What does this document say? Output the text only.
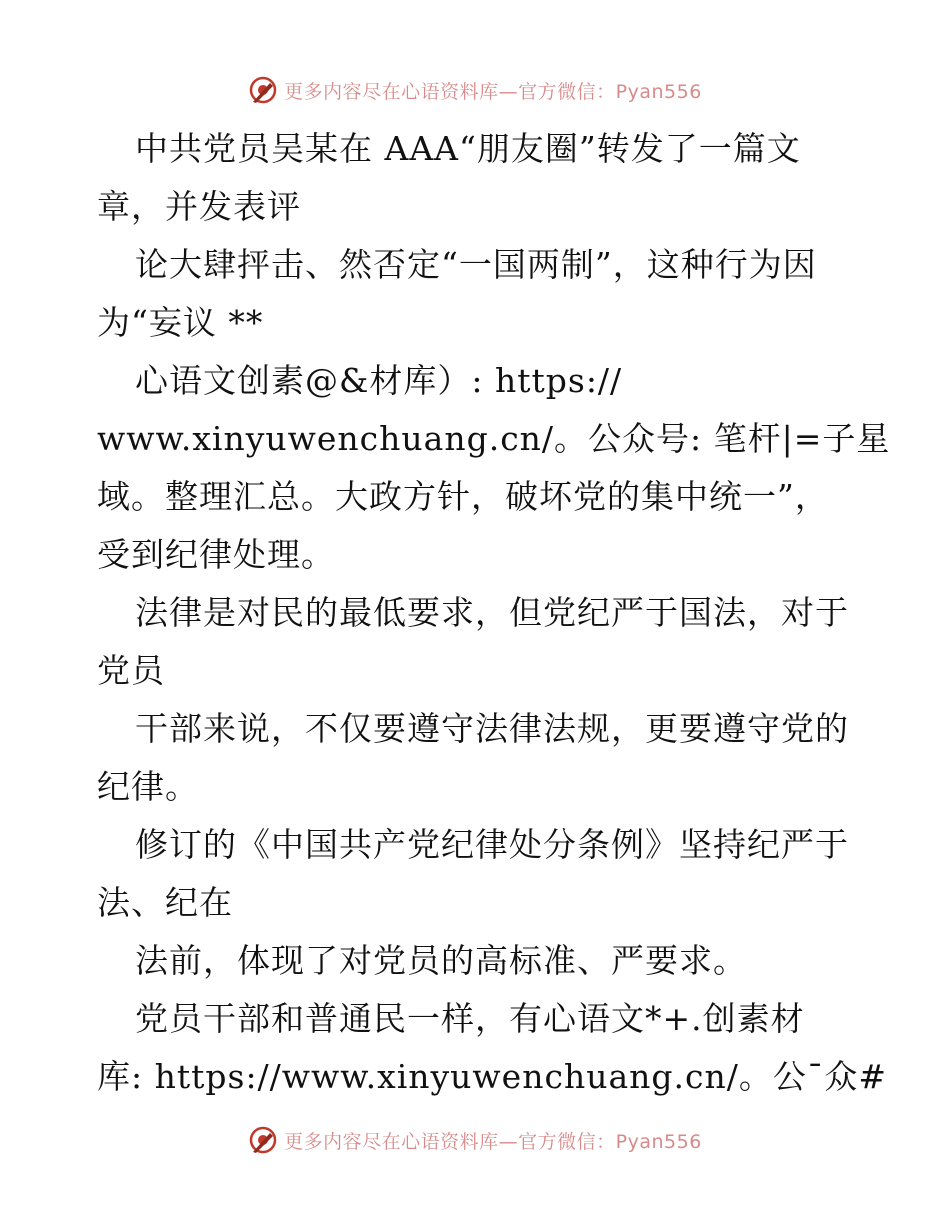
更多内容尽在心语资料库—官方微信：Pyan556
中共党员吴某在 AAA“朋友圈”转发了一篇文
章，并发表评
论大肆抨击、然否定“一国两制”，这种行为因
为“妄议 **
心语文创素@&材库）: https://
www.xinyuwenchuang.cn/。公众号: 笔杆|=子星
域。整理汇总。大政方针，破坏党的集中统一”，
受到纪律处理。
法律是对民的最低要求，但党纪严于国法，对于
党员
干部来说，不仅要遵守法律法规，更要遵守党的
纪律。
修订的《中国共产党纪律处分条例》坚持纪严于
法、纪在
法前，体现了对党员的高标准、严要求。
党员干部和普通民一样，有心语文*+.创素材
库: https://www.xinyuwenchuang.cn/。公¯众#
更多内容尽在心语资料库—官方微信：Pyan556
